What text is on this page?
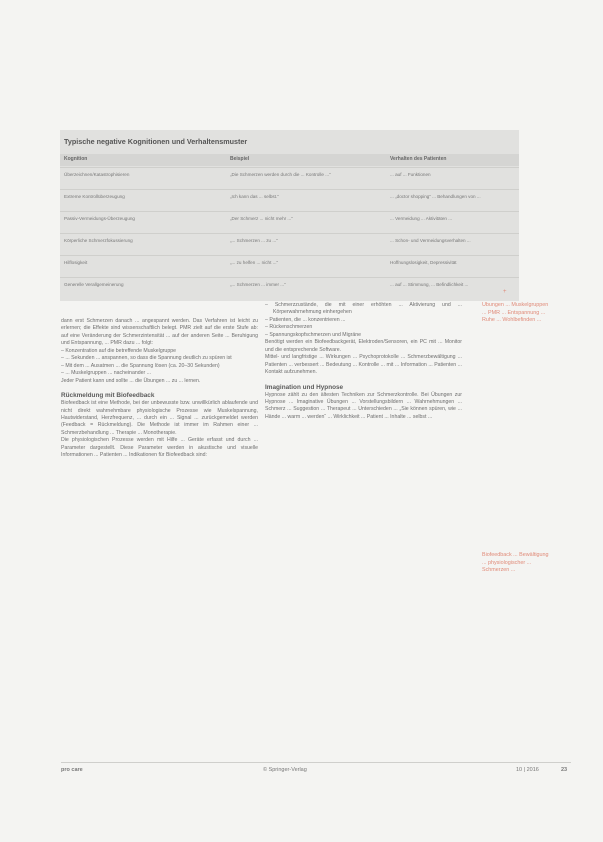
Typische negative Kognitionen und Verhaltensmuster
Kognition	Beispiel	Verhalten des Patienten
Überzeichnen/Katastrophisieren	„Die Schmerzen werden durch die ... Kontrolle ...“	... auf ... Funktionen
Extreme Kontrollüberzeugung	„Ich kann das ... selbst.“	... „doctor shopping“ ... Behandlungen von ...
Passiv-Vermeidungs-Überzeugung	„Der Schmerz ... nicht mehr ...“	... Vermeidung ... Aktivitäten ...
Körperliche Schmerzfokussierung	„... Schmerzen ... zu ...“	... Schon- und Vermeidungsverhalten ...
Hilflosigkeit	„... zu helfen ... nicht ...“	Hoffnungslosigkeit, Depressivität
Generelle Verallgemeinerung	„... Schmerzen ... immer ...“	... auf ... Stimmung, ... Befindlichkeit ...
+

dann erst Schmerzen danach ... angespannt werden. Das Verfahren ist leicht zu erlernen; die Effekte sind wissenschaftlich belegt. PMR zielt auf die erste Stufe ab: auf eine Veränderung der Schmerzintensität ... auf der anderen Seite ... Beruhigung und Entspannung, ... PMR dazu ... folgt:

– Konzentration auf die betreffende Muskelgruppe

– ... Sekunden ... anspannen, so dass die Spannung deutlich zu spüren ist

– Mit dem ... Ausatmen ... die Spannung lösen (ca. 20–30 Sekunden)

– ... Muskelgruppen ... nacheinander ...

Jeder Patient kann und sollte ... die Übungen ... zu ... lernen.

Rückmeldung mit Biofeedback

Biofeedback ist eine Methode, bei der unbewusste bzw. unwillkürlich ablaufende und nicht direkt wahrnehmbare physiologische Prozesse wie Muskelspannung, Hautwiderstand, Herzfrequenz, ... durch ein ... Signal ... zurückgemeldet werden (Feedback = Rückmeldung). Die Methode ist immer im Rahmen einer ... Schmerzbehandlung ... Therapie ... Monotherapie.

Die physiologischen Prozesse werden mit Hilfe ... Geräte erfasst und durch ... Parameter dargestellt. Diese Parameter werden in akustische und visuelle Informationen ... Patienten ... Indikationen für Biofeedback sind:

– Schmerzzustände, die mit einer erhöhten ... Aktivierung und ... Körperwahrnehmung einhergehen

– Patienten, die ... konzentrieren ...

– Rückenschmerzen

– Spannungskopfschmerzen und Migräne

Benötigt werden ein Biofeedbackgerät, Elektroden/Sensoren, ein PC mit ... Monitor und die entsprechende Software.

Mittel- und langfristige ... Wirkungen ... Psychoprotokolle ... Schmerzbewältigung ... Patienten ... verbessert ... Bedeutung ... Kontrolle ... mit ... Information ... Patienten ... Kontakt aufzunehmen.

Imagination und Hypnose

Hypnose zählt zu den ältesten Techniken zur Schmerzkontrolle. Bei Übungen zur Hypnose ... Imaginative Übungen ... Vorstellungsbildern ... Wahrnehmungen ... Schmerz ... Suggestion ... Therapeut ... Unterschieden ... „Sie können spüren, wie ... Hände ... warm ... werden“ ... Wirklichkeit ... Patient ... Inhalte ... selbst ...

Übungen ... Muskelgruppen ... PMR ... Entspannung ... Ruhe ... Wohlbefinden ...
Biofeedback ... Bewältigung ... physiologischer ... Schmerzen ...
pro care	© Springer-Verlag	10 | 2016	23
